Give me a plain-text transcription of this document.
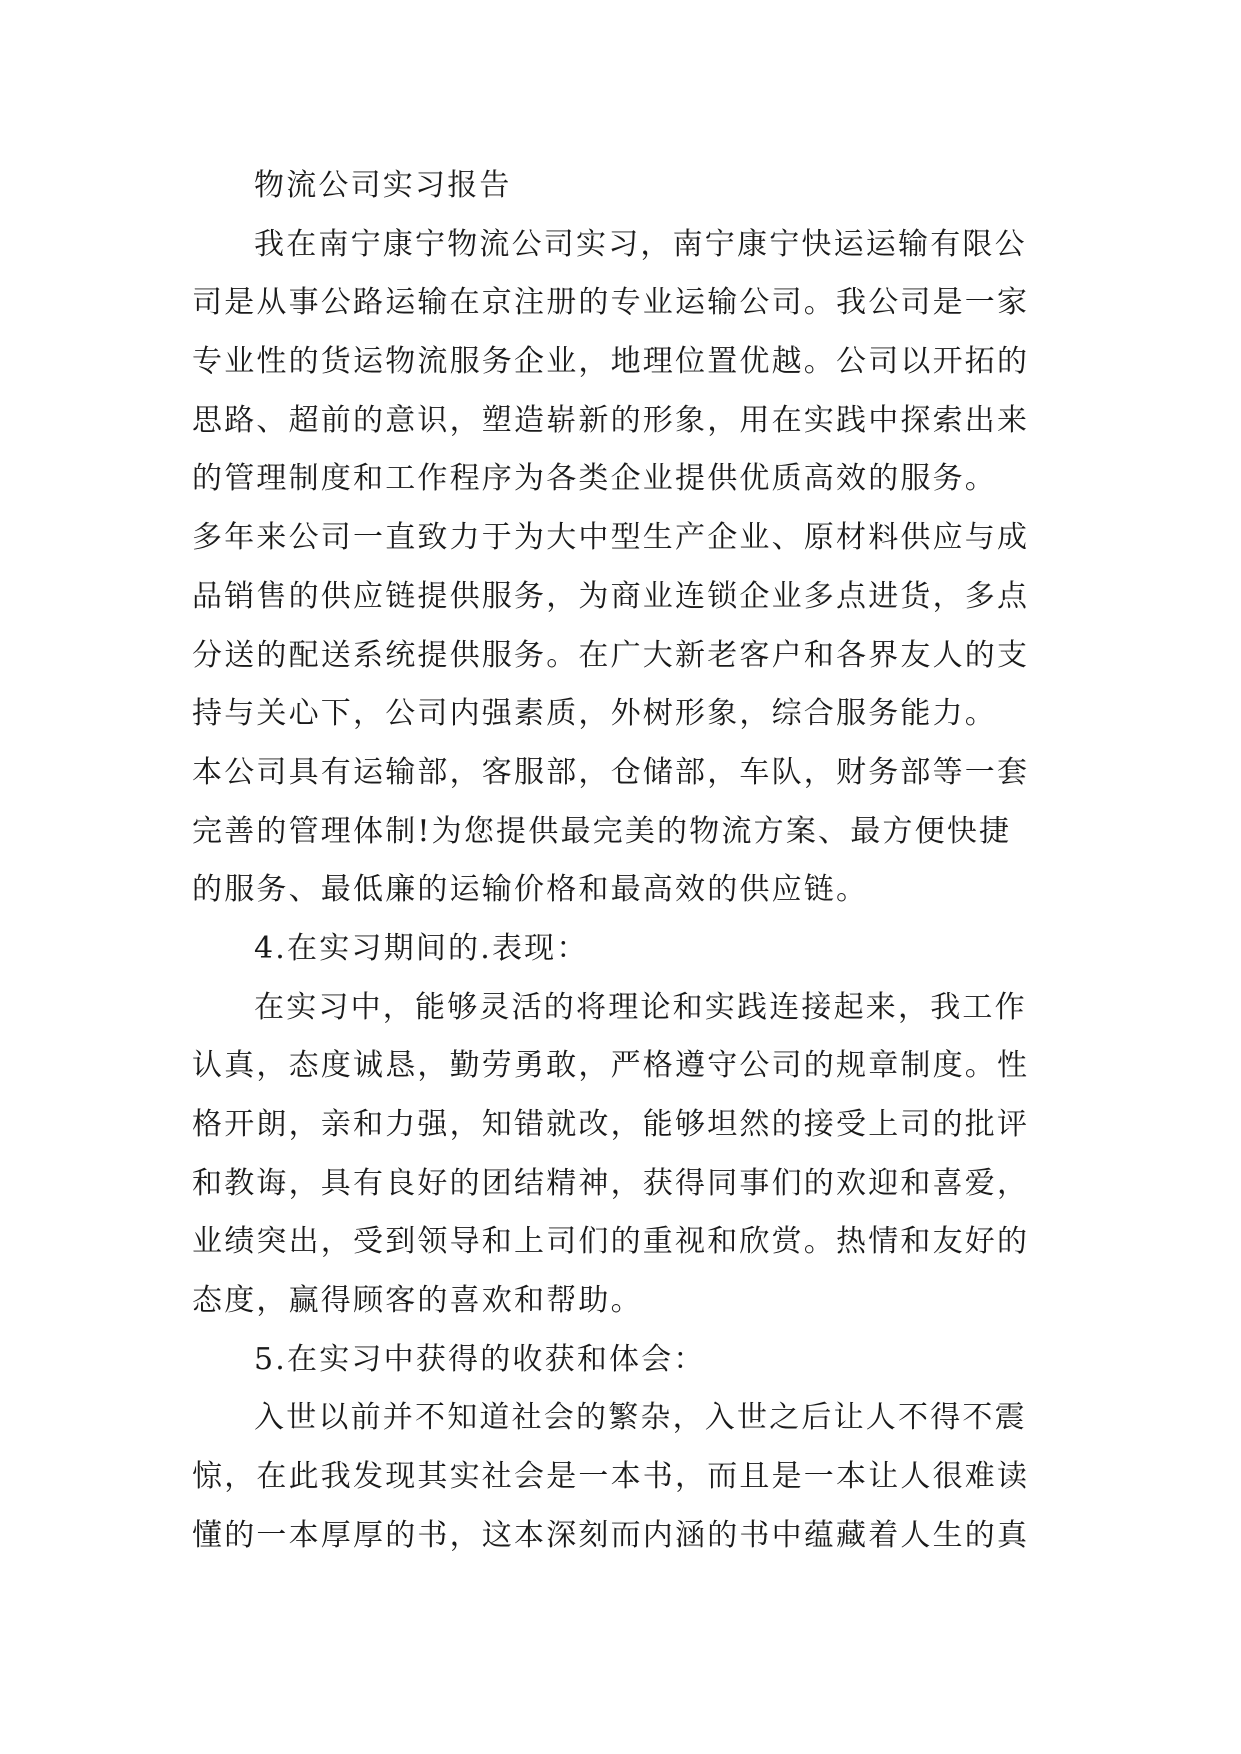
物流公司实习报告
我在南宁康宁物流公司实习，南宁康宁快运运输有限公
司是从事公路运输在京注册的专业运输公司。我公司是一家
专业性的货运物流服务企业，地理位置优越。公司以开拓的
思路、超前的意识，塑造崭新的形象，用在实践中探索出来
的管理制度和工作程序为各类企业提供优质高效的服务。
多年来公司一直致力于为大中型生产企业、原材料供应与成
品销售的供应链提供服务，为商业连锁企业多点进货，多点
分送的配送系统提供服务。在广大新老客户和各界友人的支
持与关心下，公司内强素质，外树形象，综合服务能力。
本公司具有运输部，客服部，仓储部，车队，财务部等一套
完善的管理体制!为您提供最完美的物流方案、最方便快捷
的服务、最低廉的运输价格和最高效的供应链。
4.在实习期间的.表现：
在实习中，能够灵活的将理论和实践连接起来，我工作
认真，态度诚恳，勤劳勇敢，严格遵守公司的规章制度。性
格开朗，亲和力强，知错就改，能够坦然的接受上司的批评
和教诲，具有良好的团结精神，获得同事们的欢迎和喜爱，
业绩突出，受到领导和上司们的重视和欣赏。热情和友好的
态度，赢得顾客的喜欢和帮助。
5.在实习中获得的收获和体会：
入世以前并不知道社会的繁杂，入世之后让人不得不震
惊，在此我发现其实社会是一本书，而且是一本让人很难读
懂的一本厚厚的书，这本深刻而内涵的书中蕴藏着人生的真
